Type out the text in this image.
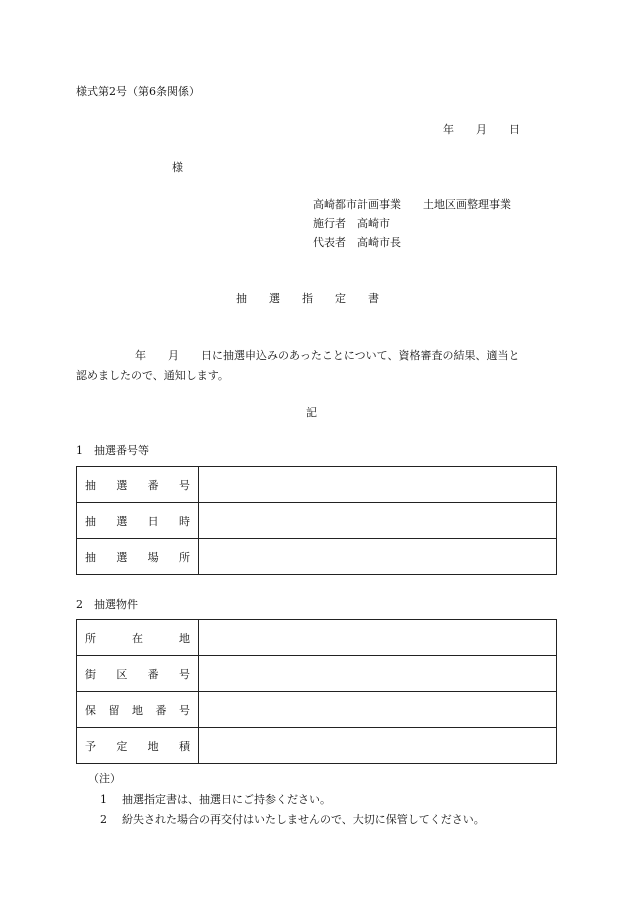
様式第2号（第6条関係）
年　　月　　日
様
高崎都市計画事業　　土地区画整理事業
施行者　高崎市
代表者　高崎市長
抽　　選　　指　　定　　書
年　　月　　日に抽選申込みのあったことについて、資格審査の結果、適当と
認めましたので、通知します。
記
1　抽選番号等
抽選番号	
抽選日時	
抽選場所	
2　抽選物件
所在地	
街区番号	
保留地番号	
予定地積	
（注）
1 抽選指定書は、抽選日にご持参ください。
2 紛失された場合の再交付はいたしませんので、大切に保管してください。
